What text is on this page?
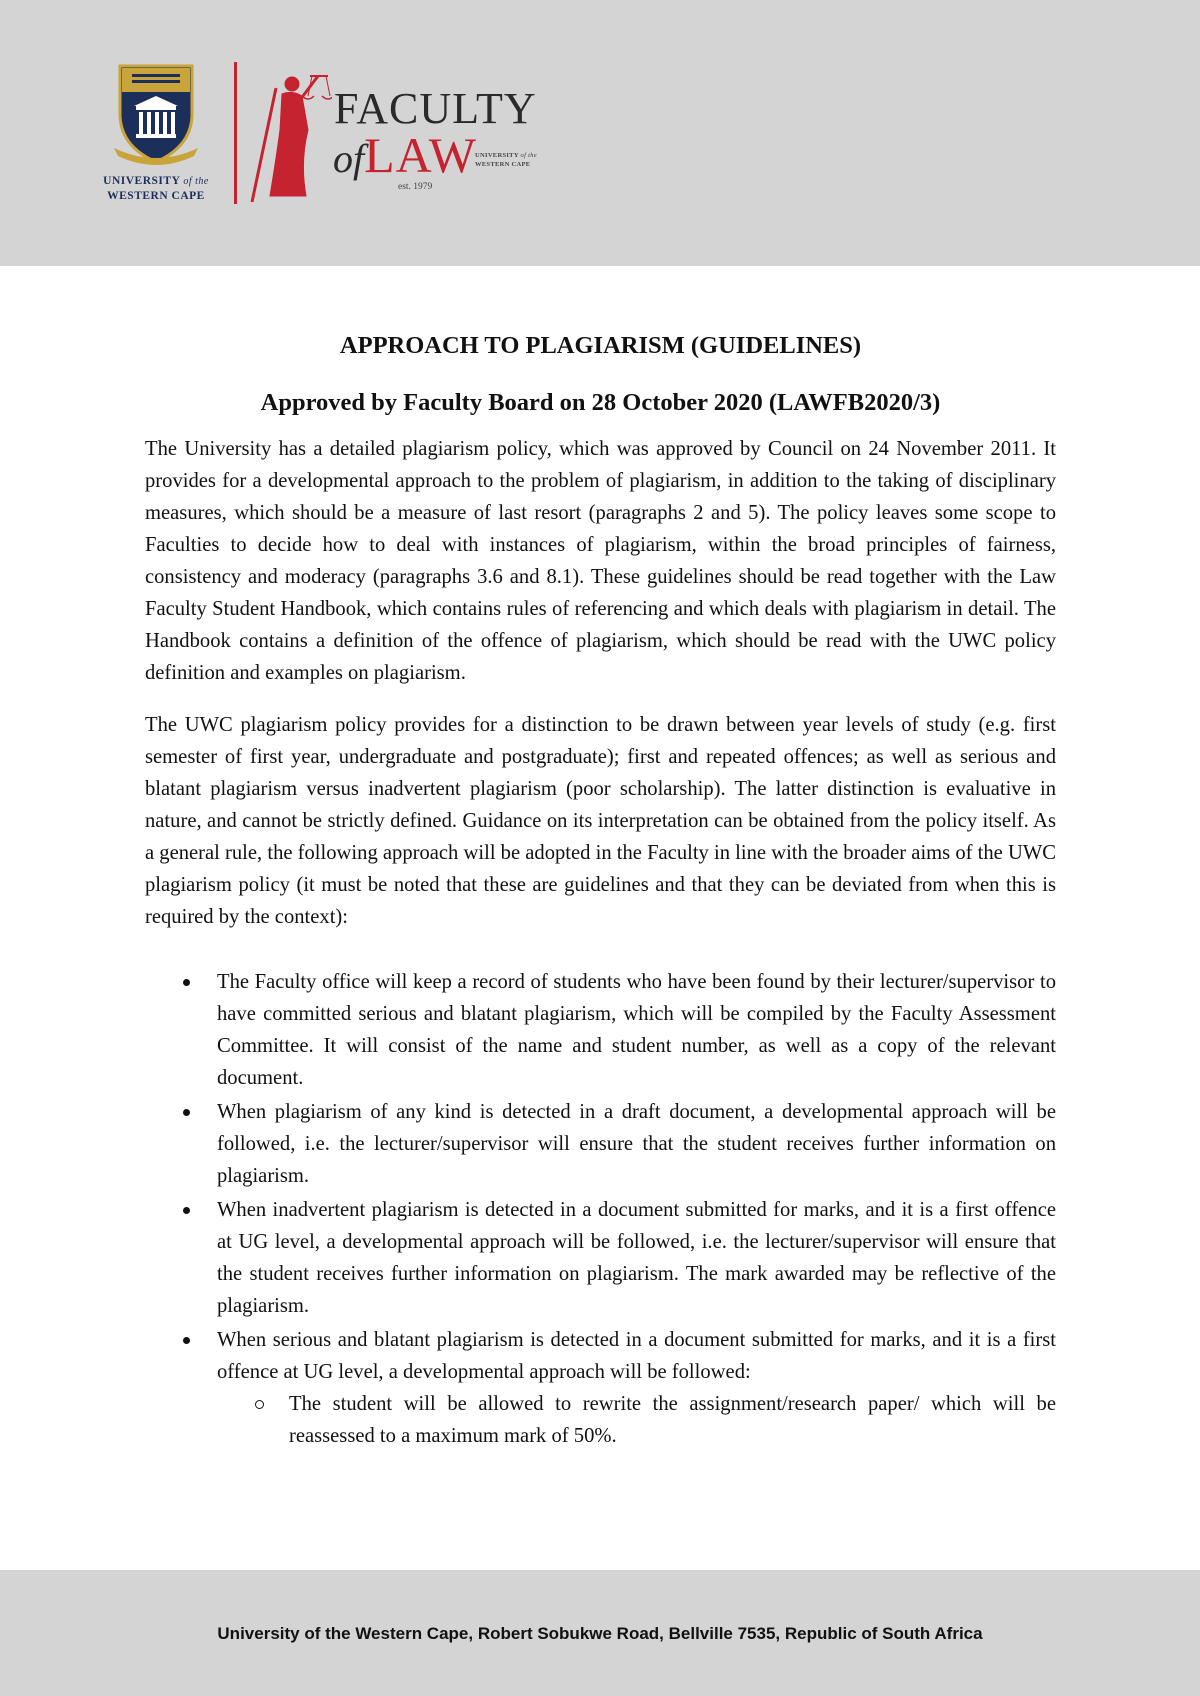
UNIVERSITY of the
WESTERN CAPE
FACULTY
ofLAW
UNIVERSITY of the
WESTERN CAPE
est. 1979
APPROACH TO PLAGIARISM (GUIDELINES)
Approved by Faculty Board on 28 October 2020 (LAWFB2020/3)

The University has a detailed plagiarism policy, which was approved by Council on 24 November 2011. It provides for a developmental approach to the problem of plagiarism, in addition to the taking of disciplinary measures, which should be a measure of last resort (paragraphs 2 and 5). The policy leaves some scope to Faculties to decide how to deal with instances of plagiarism, within the broad principles of fairness, consistency and moderacy (paragraphs 3.6 and 8.1). These guidelines should be read together with the Law Faculty Student Handbook, which contains rules of referencing and which deals with plagiarism in detail. The Handbook contains a definition of the offence of plagiarism, which should be read with the UWC policy definition and examples on plagiarism.

The UWC plagiarism policy provides for a distinction to be drawn between year levels of study (e.g. first semester of first year, undergraduate and postgraduate); first and repeated offences; as well as serious and blatant plagiarism versus inadvertent plagiarism (poor scholarship). The latter distinction is evaluative in nature, and cannot be strictly defined. Guidance on its interpretation can be obtained from the policy itself. As a general rule, the following approach will be adopted in the Faculty in line with the broader aims of the UWC plagiarism policy (it must be noted that these are guidelines and that they can be deviated from when this is required by the context):

The Faculty office will keep a record of students who have been found by their lecturer/supervisor to have committed serious and blatant plagiarism, which will be compiled by the Faculty Assessment Committee. It will consist of the name and student number, as well as a copy of the relevant document.
When plagiarism of any kind is detected in a draft document, a developmental approach will be followed, i.e. the lecturer/supervisor will ensure that the student receives further information on plagiarism.
When inadvertent plagiarism is detected in a document submitted for marks, and it is a first offence at UG level, a developmental approach will be followed, i.e. the lecturer/supervisor will ensure that the student receives further information on plagiarism. The mark awarded may be reflective of the plagiarism.
When serious and blatant plagiarism is detected in a document submitted for marks, and it is a first offence at UG level, a developmental approach will be followed:
The student will be allowed to rewrite the assignment/research paper/ which will be reassessed to a maximum mark of 50%.
University of the Western Cape, Robert Sobukwe Road, Bellville 7535, Republic of South Africa
